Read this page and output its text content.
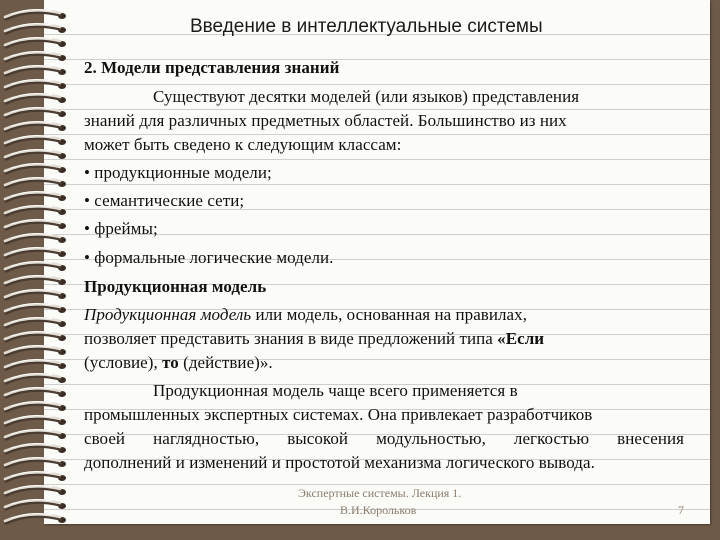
Введение в интеллектуальные системы
2. Модели представления знаний
Существуют десятки моделей (или языков) представления
знаний для различных предметных областей. Большинство из них
может быть сведено к следующим классам:
• продукционные модели;
• семантические сети;
• фреймы;
• формальные логические модели.
Продукционная модель
Продукционная модель или модель, основанная на правилах,
позволяет представить знания в виде предложений типа «Если
(условие), то (действие)».
Продукционная модель чаще всего применяется в
промышленных экспертных системах. Она привлекает разработчиков
своей наглядностью, высокой модульностью, легкостью внесения
дополнений и изменений и простотой механизма логического вывода.
Экспертные системы. Лекция 1.
В.И.Корольков	7
